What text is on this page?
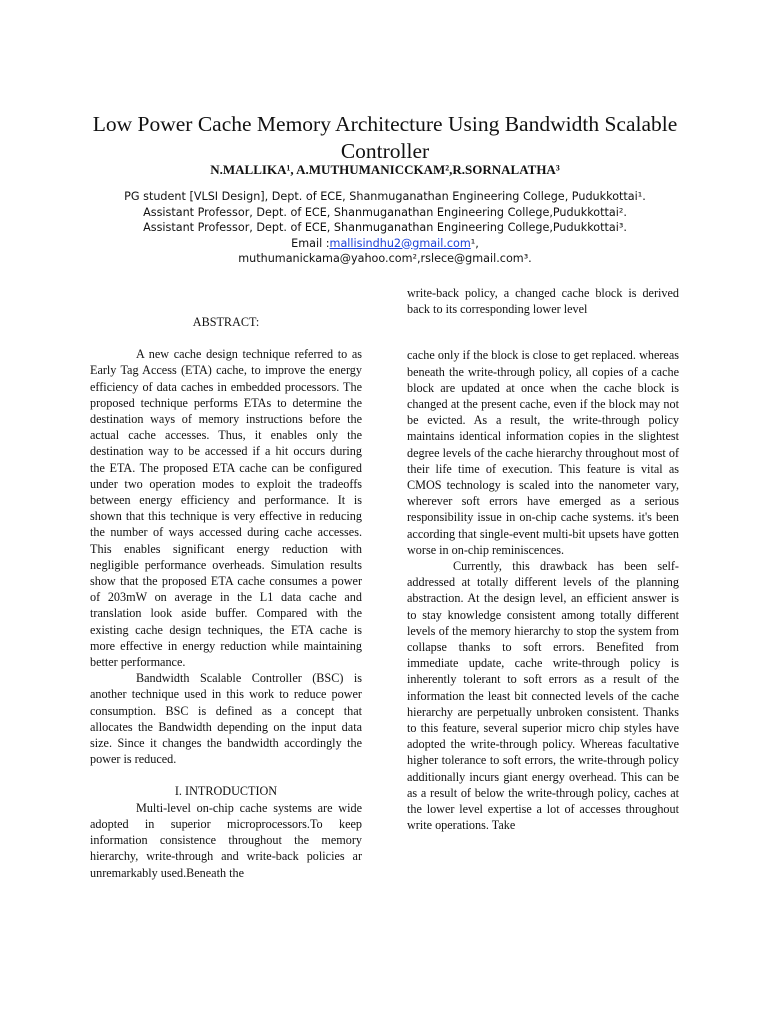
Low Power Cache Memory Architecture Using Bandwidth Scalable Controller
N.MALLIKA¹, A.MUTHUMANICCKAM²,R.SORNALATHA³
PG student [VLSI Design], Dept. of ECE, Shanmuganathan Engineering College, Pudukkottai¹.
Assistant Professor, Dept. of ECE, Shanmuganathan Engineering College,Pudukkottai².
Assistant Professor, Dept. of ECE, Shanmuganathan Engineering College,Pudukkottai³.
Email :mallisindhu2@gmail.com¹,
muthumanickama@yahoo.com²,rslece@gmail.com³.

ABSTRACT:

A new cache design technique referred to as Early Tag Access (ETA) cache, to improve the energy efficiency of data caches in embedded processors. The proposed technique performs ETAs to determine the destination ways of memory instructions before the actual cache accesses. Thus, it enables only the destination way to be accessed if a hit occurs during the ETA. The proposed ETA cache can be configured under two operation modes to exploit the tradeoffs between energy efficiency and performance. It is shown that this technique is very effective in reducing the number of ways accessed during cache accesses. This enables significant energy reduction with negligible performance overheads. Simulation results show that the proposed ETA cache consumes a power of 203mW on average in the L1 data cache and translation look aside buffer. Compared with the existing cache design techniques, the ETA cache is more effective in energy reduction while maintaining better performance.

Bandwidth Scalable Controller (BSC) is another technique used in this work to reduce power consumption. BSC is defined as a concept that allocates the Bandwidth depending on the input data size. Since it changes the bandwidth accordingly the power is reduced.

I. INTRODUCTION

Multi-level on-chip cache systems are wide adopted in superior microprocessors.To keep information consistence throughout the memory hierarchy, write-through and write-back policies ar unremarkably used.Beneath the

write-back policy, a changed cache block is derived back to its corresponding lower level

cache only if the block is close to get replaced. whereas beneath the write-through policy, all copies of a cache block are updated at once when the cache block is changed at the present cache, even if the block may not be evicted. As a result, the write-through policy maintains identical information copies in the slightest degree levels of the cache hierarchy throughout most of their life time of execution. This feature is vital as CMOS technology is scaled into the nanometer vary, wherever soft errors have emerged as a serious responsibility issue in on-chip cache systems. it's been according that single-event multi-bit upsets have gotten worse in on-chip reminiscences.

Currently, this drawback has been self-addressed at totally different levels of the planning abstraction. At the design level, an efficient answer is to stay knowledge consistent among totally different levels of the memory hierarchy to stop the system from collapse thanks to soft errors. Benefited from immediate update, cache write-through policy is inherently tolerant to soft errors as a result of the information the least bit connected levels of the cache hierarchy are perpetually unbroken consistent. Thanks to this feature, several superior micro chip styles have adopted the write-through policy. Whereas facultative higher tolerance to soft errors, the write-through policy additionally incurs giant energy overhead. This can be as a result of below the write-through policy, caches at the lower level expertise a lot of accesses throughout write operations. Take
